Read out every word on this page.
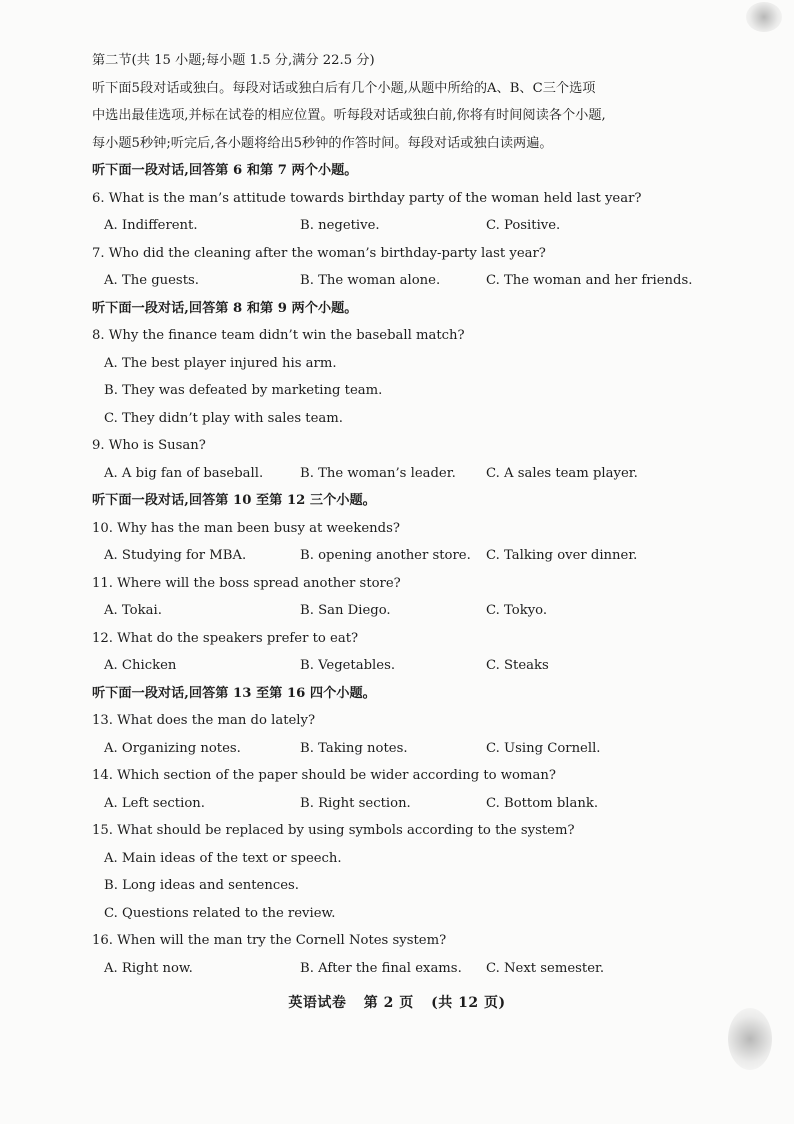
第二节(共 15 小题;每小题 1.5 分,满分 22.5 分)
听下面5段对话或独白。每段对话或独白后有几个小题,从题中所给的A、B、C三个选项
中选出最佳选项,并标在试卷的相应位置。听每段对话或独白前,你将有时间阅读各个小题,
每小题5秒钟;听完后,各小题将给出5秒钟的作答时间。每段对话或独白读两遍。
听下面一段对话,回答第 6 和第 7 两个小题。
6. What is the man’s attitude towards birthday party of the woman held last year?
A. Indifferent.	B. negetive.	C. Positive.
7. Who did the cleaning after the woman’s birthday-party last year?
A. The guests.	B. The woman alone.	C. The woman and her friends.
听下面一段对话,回答第 8 和第 9 两个小题。
8. Why the finance team didn’t win the baseball match?
A. The best player injured his arm.
B. They was defeated by marketing team.
C. They didn’t play with sales team.
9. Who is Susan?
A. A big fan of baseball.	B. The woman’s leader.	C. A sales team player.
听下面一段对话,回答第 10 至第 12 三个小题。
10. Why has the man been busy at weekends?
A. Studying for MBA.	B. opening another store.	C. Talking over dinner.
11. Where will the boss spread another store?
A. Tokai.	B. San Diego.	C. Tokyo.
12. What do the speakers prefer to eat?
A. Chicken	B. Vegetables.	C. Steaks
听下面一段对话,回答第 13 至第 16 四个小题。
13. What does the man do lately?
A. Organizing notes.	B. Taking notes.	C. Using Cornell.
14. Which section of the paper should be wider according to woman?
A. Left section.	B. Right section.	C. Bottom blank.
15. What should be replaced by using symbols according to the system?
A. Main ideas of the text or speech.
B. Long ideas and sentences.
C. Questions related to the review.
16. When will the man try the Cornell Notes system?
A. Right now.	B. After the final exams.	C. Next semester.
英语试卷 第 2 页 (共 12 页)
